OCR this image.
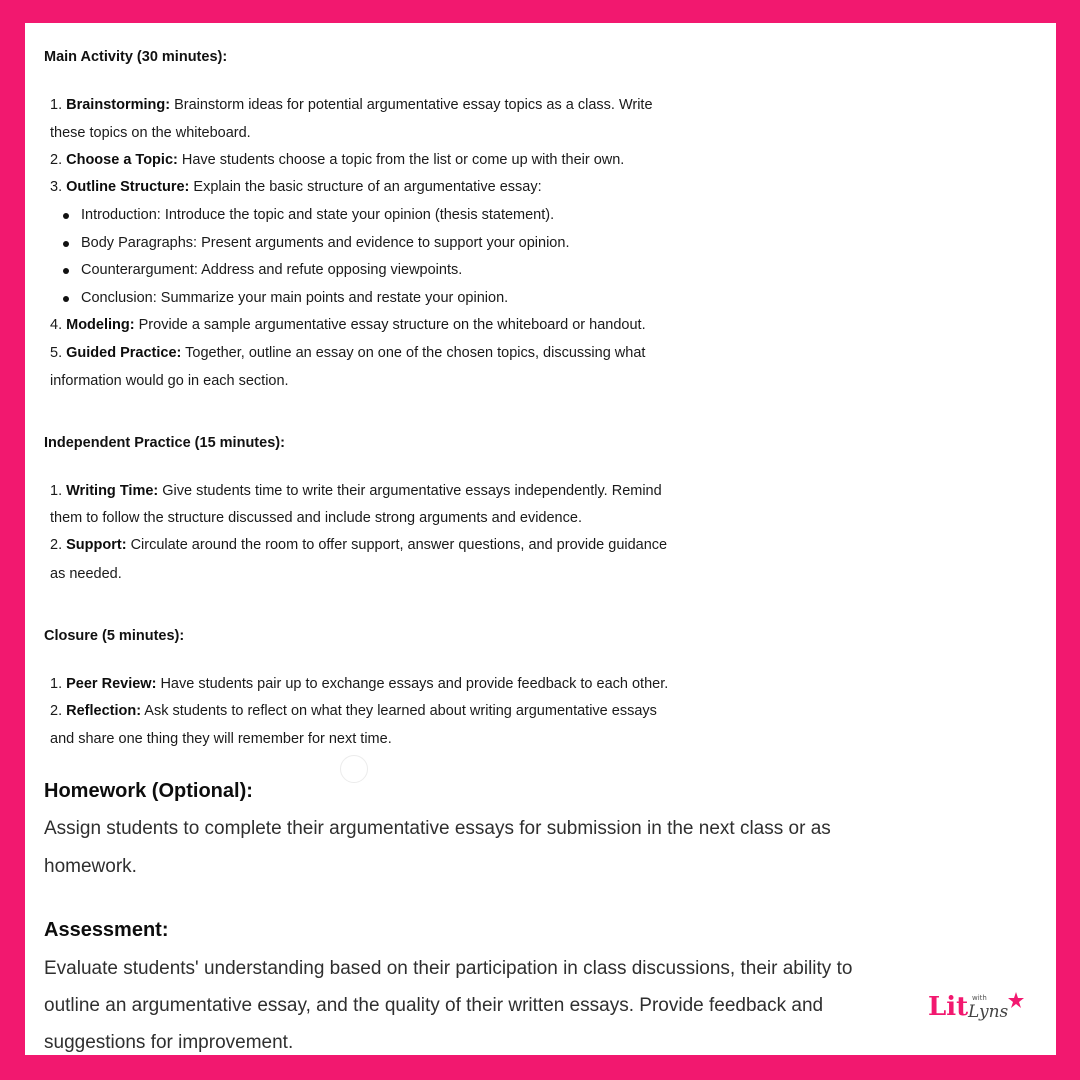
Main Activity (30 minutes):
1. Brainstorming: Brainstorm ideas for potential argumentative essay topics as a class. Write
these topics on the whiteboard.
2. Choose a Topic: Have students choose a topic from the list or come up with their own.
3. Outline Structure: Explain the basic structure of an argumentative essay:
Introduction: Introduce the topic and state your opinion (thesis statement).
Body Paragraphs: Present arguments and evidence to support your opinion.
Counterargument: Address and refute opposing viewpoints.
Conclusion: Summarize your main points and restate your opinion.
4. Modeling: Provide a sample argumentative essay structure on the whiteboard or handout.
5. Guided Practice: Together, outline an essay on one of the chosen topics, discussing what
information would go in each section.
Independent Practice (15 minutes):
1. Writing Time: Give students time to write their argumentative essays independently. Remind
them to follow the structure discussed and include strong arguments and evidence.
2. Support: Circulate around the room to offer support, answer questions, and provide guidance
as needed.
Closure (5 minutes):
1. Peer Review: Have students pair up to exchange essays and provide feedback to each other.
2. Reflection: Ask students to reflect on what they learned about writing argumentative essays
and share one thing they will remember for next time.
Homework (Optional):
Assign students to complete their argumentative essays for submission in the next class or as
homework.
Assessment:
Evaluate students' understanding based on their participation in class discussions, their ability to
outline an argumentative essay, and the quality of their written essays. Provide feedback and
suggestions for improvement.
Lit with
Lyns
